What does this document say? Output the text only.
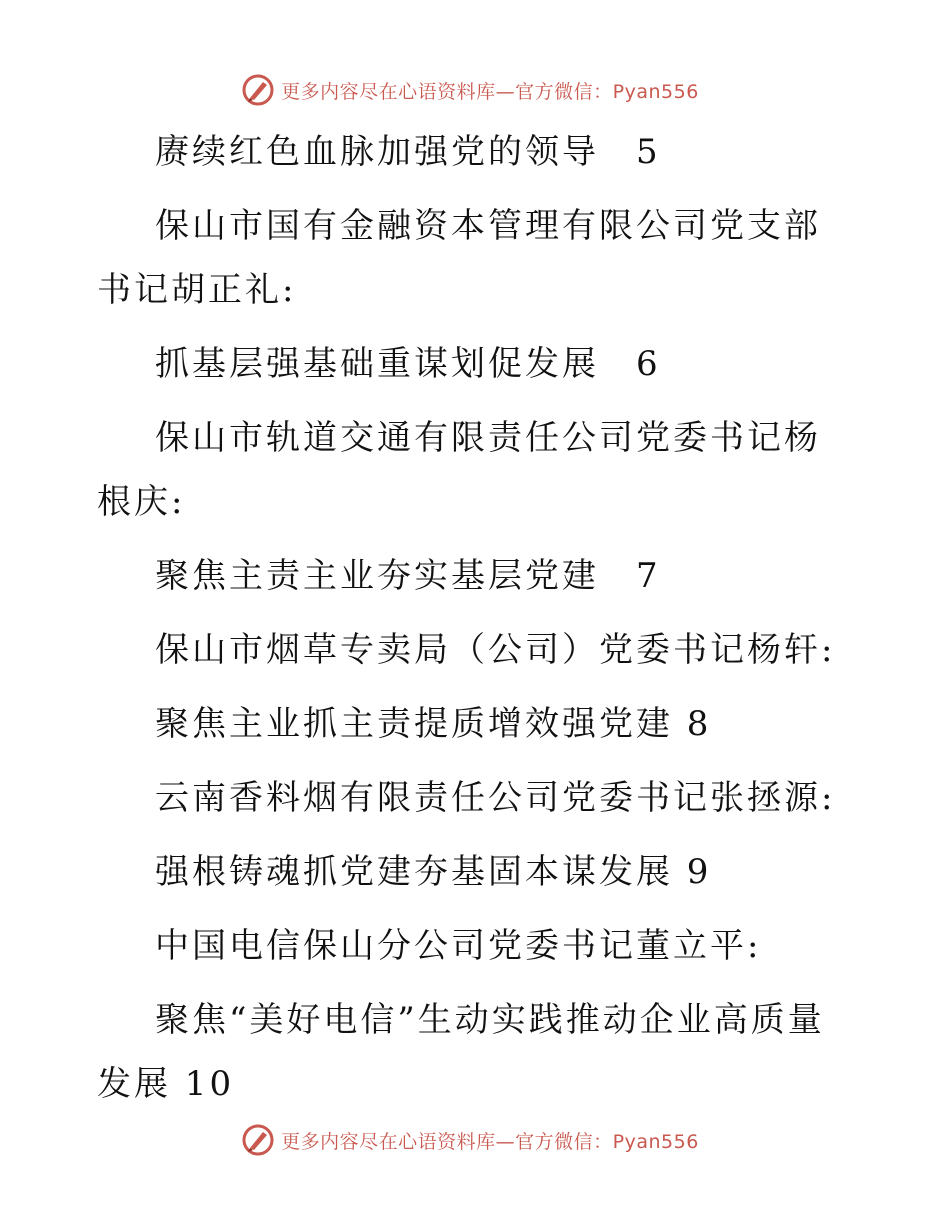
更多内容尽在心语资料库—官方微信：Pyan556

赓续红色血脉加强党的领导　5

保山市国有金融资本管理有限公司党支部书记胡正礼:

抓基层强基础重谋划促发展　6

保山市轨道交通有限责任公司党委书记杨根庆:

聚焦主责主业夯实基层党建　7

保山市烟草专卖局（公司）党委书记杨轩:

聚焦主业抓主责提质增效强党建 8

云南香料烟有限责任公司党委书记张拯源:

强根铸魂抓党建夯基固本谋发展 9

中国电信保山分公司党委书记董立平:

聚焦“美好电信”生动实践推动企业高质量发展 10

更多内容尽在心语资料库—官方微信：Pyan556
